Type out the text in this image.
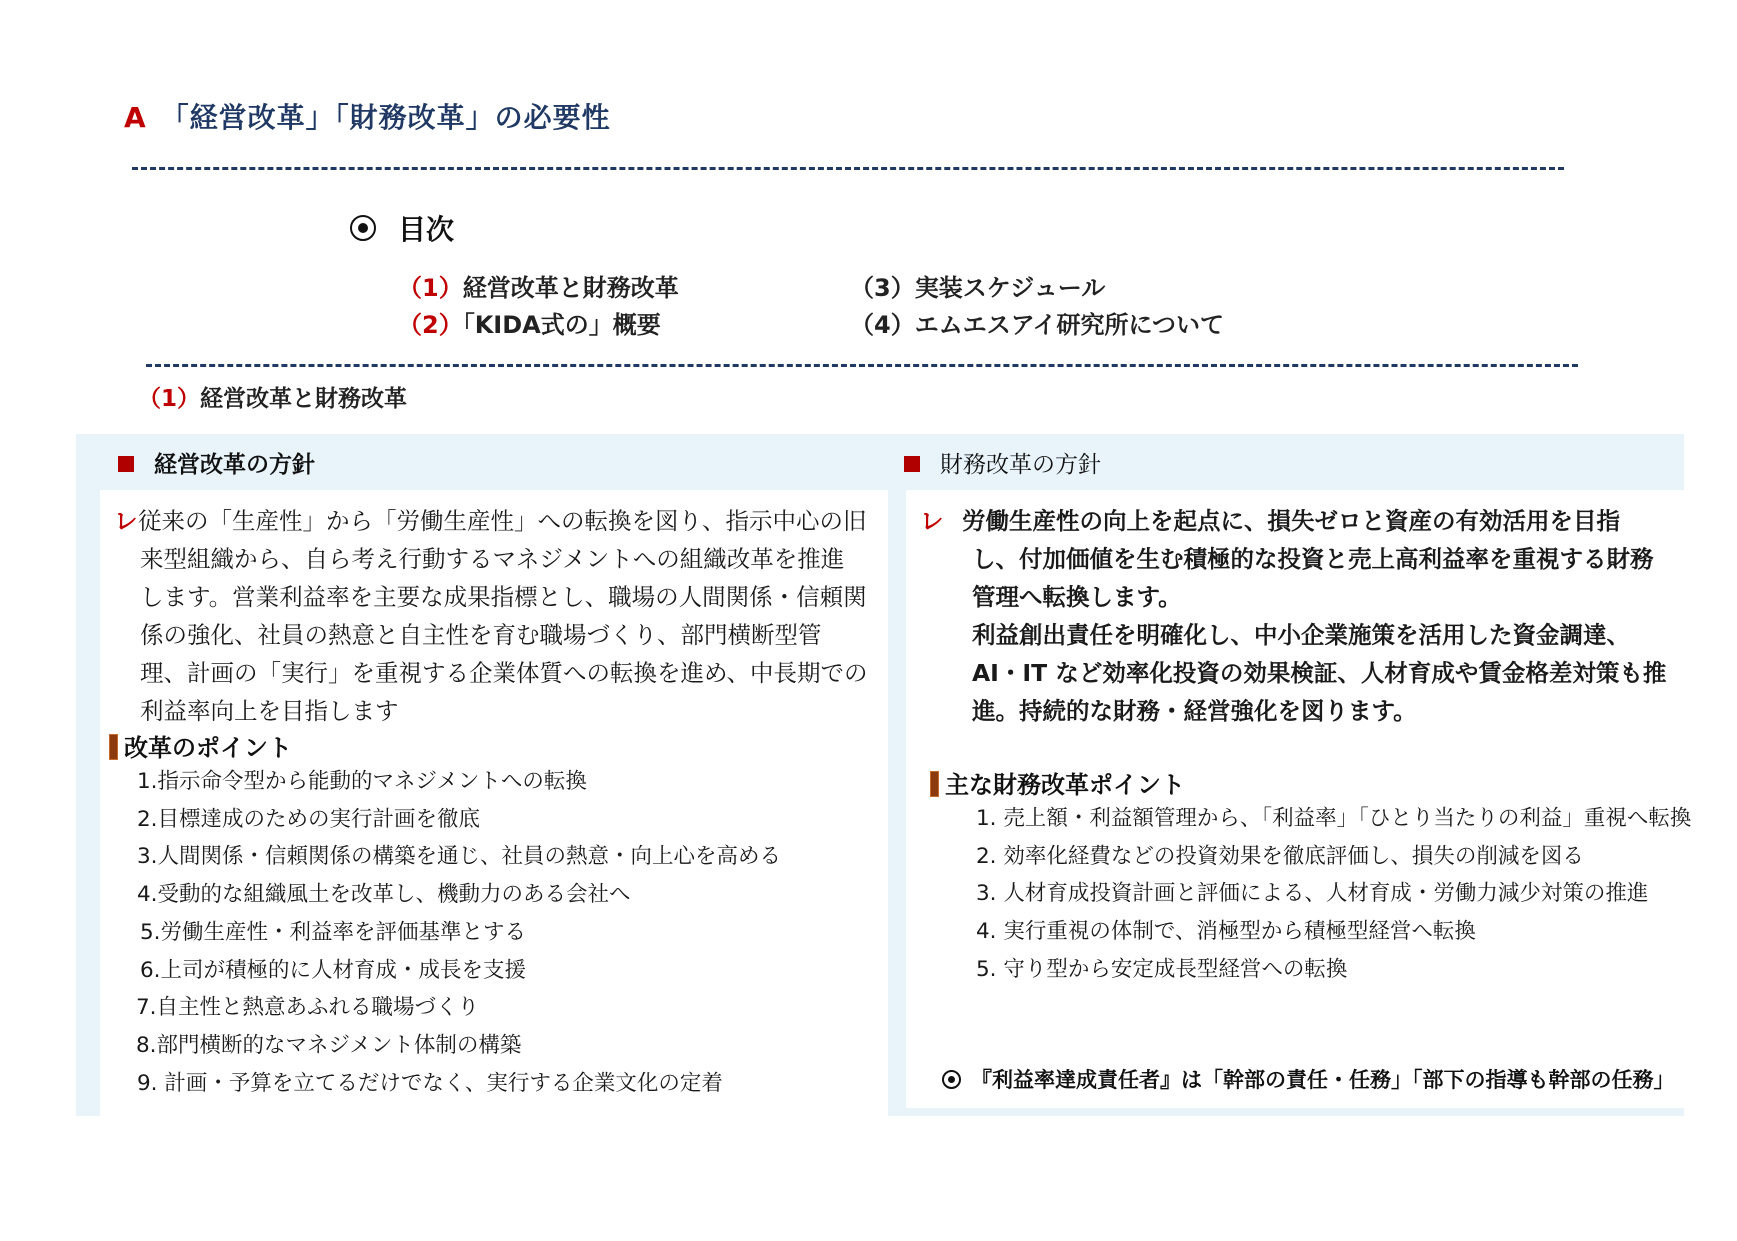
A 「経営改革」「財務改革」の必要性
目次
（1）経営改革と財務改革
（2）「KIDA式の」概要
（3）実装スケジュール
（4）エムエスアイ研究所について
（1）経営改革と財務改革
経営改革の方針
レ 従来の「生産性」から「労働生産性」への転換を図り、指示中心の旧
来型組織から、自ら考え行動するマネジメントへの組織改革を推進
します。営業利益率を主要な成果指標とし、職場の人間関係・信頼関
係の強化、社員の熱意と自主性を育む職場づくり、部門横断型管
理、計画の「実行」を重視する企業体質への転換を進め、中長期での
利益率向上を目指します
改革のポイント
1.指示命令型から能動的マネジメントへの転換
2.目標達成のための実行計画を徹底
3.人間関係・信頼関係の構築を通じ、社員の熱意・向上心を高める
4.受動的な組織風土を改革し、機動力のある会社へ
5.労働生産性・利益率を評価基準とする
6.上司が積極的に人材育成・成長を支援
7.自主性と熱意あふれる職場づくり
8.部門横断的なマネジメント体制の構築
9. 計画・予算を立てるだけでなく、実行する企業文化の定着
財務改革の方針
レ 労働生産性の向上を起点に、損失ゼロと資産の有効活用を目指
し、付加価値を生む積極的な投資と売上高利益率を重視する財務
管理へ転換します。
利益創出責任を明確化し、中小企業施策を活用した資金調達、
AI・IT など効率化投資の効果検証、人材育成や賃金格差対策も推
進。持続的な財務・経営強化を図ります。
主な財務改革ポイント
1. 売上額・利益額管理から、「利益率」「ひとり当たりの利益」重視へ転換
2. 効率化経費などの投資効果を徹底評価し、損失の削減を図る
3. 人材育成投資計画と評価による、人材育成・労働力減少対策の推進
4. 実行重視の体制で、消極型から積極型経営へ転換
5. 守り型から安定成長型経営への転換
『利益率達成責任者』は「幹部の責任・任務」「部下の指導も幹部の任務」
